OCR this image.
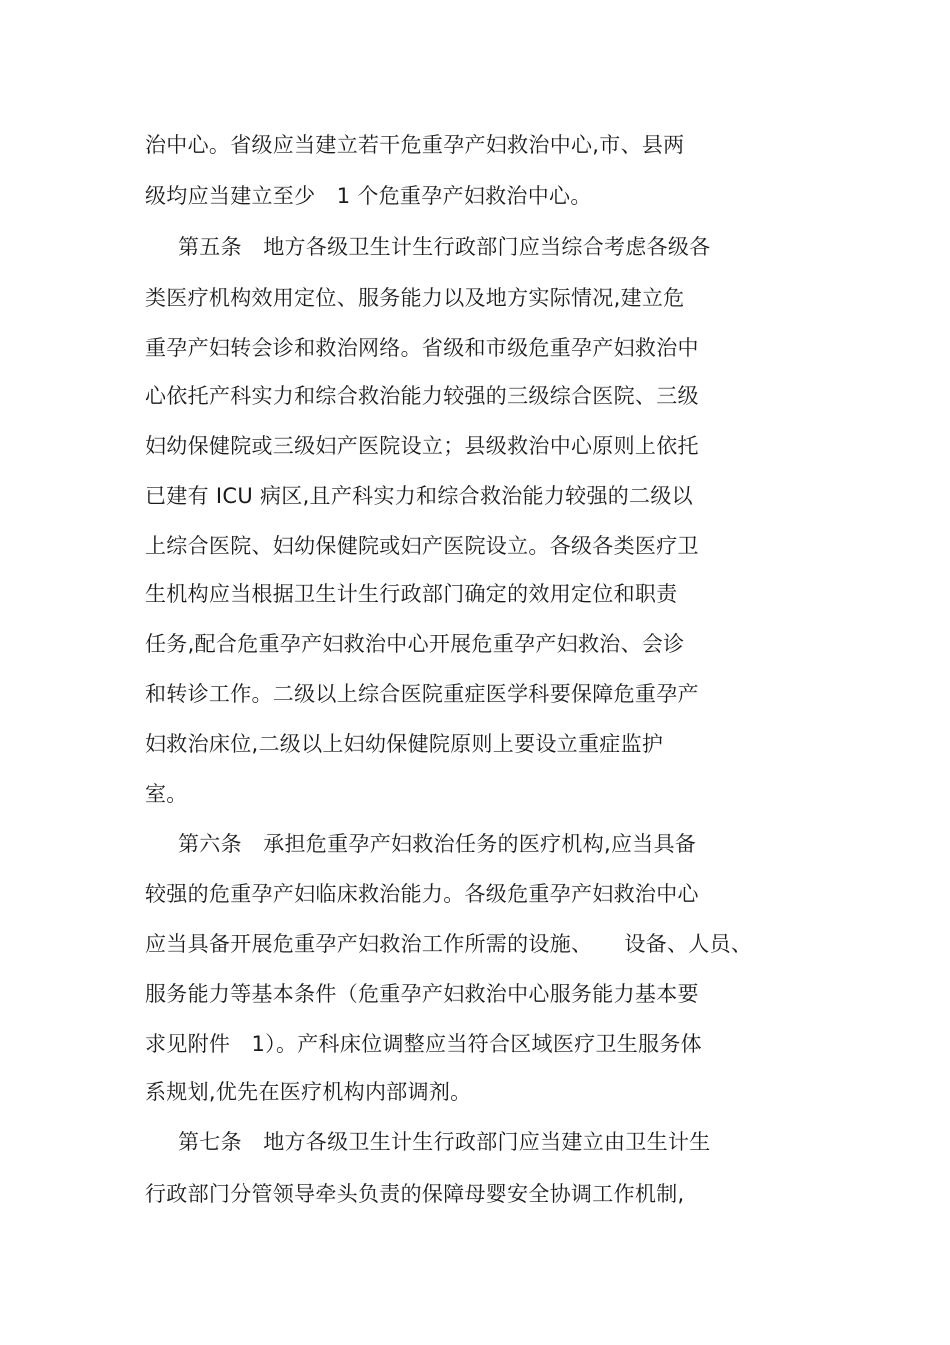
治中心。省级应当建立若干危重孕产妇救治中心,市、县两
级均应当建立至少　1 个危重孕产妇救治中心。
第五条　地方各级卫生计生行政部门应当综合考虑各级各
类医疗机构效用定位、服务能力以及地方实际情况,建立危
重孕产妇转会诊和救治网络。省级和市级危重孕产妇救治中
心依托产科实力和综合救治能力较强的三级综合医院、三级
妇幼保健院或三级妇产医院设立；县级救治中心原则上依托
已建有 ICU 病区,且产科实力和综合救治能力较强的二级以
上综合医院、妇幼保健院或妇产医院设立。各级各类医疗卫
生机构应当根据卫生计生行政部门确定的效用定位和职责
任务,配合危重孕产妇救治中心开展危重孕产妇救治、会诊
和转诊工作。二级以上综合医院重症医学科要保障危重孕产
妇救治床位,二级以上妇幼保健院原则上要设立重症监护
室。
第六条　承担危重孕产妇救治任务的医疗机构,应当具备
较强的危重孕产妇临床救治能力。各级危重孕产妇救治中心
应当具备开展危重孕产妇救治工作所需的设施、　　设备、人员、
服务能力等基本条件（危重孕产妇救治中心服务能力基本要
求见附件　1）。产科床位调整应当符合区域医疗卫生服务体
系规划,优先在医疗机构内部调剂。
第七条　地方各级卫生计生行政部门应当建立由卫生计生
行政部门分管领导牵头负责的保障母婴安全协调工作机制,
